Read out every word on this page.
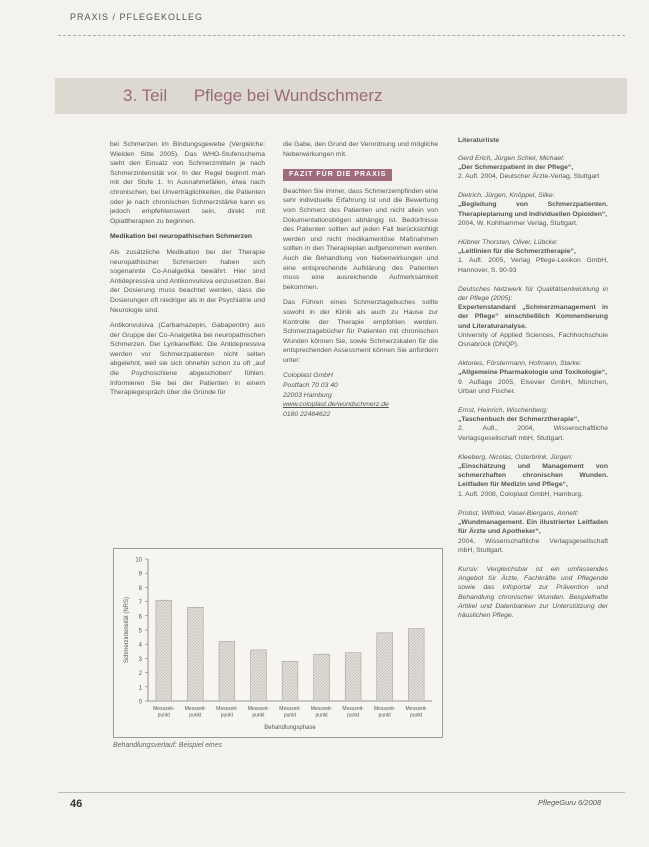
PRAXIS / PFLEGEKOLLEG
3. Teil Pflege bei Wundschmerz

bei Schmerzen im Bindungsgewebe (Vergleiche: Wielden Sitte 2005). Das WHO-Stufenschema sieht den Einsatz von Schmerzmitteln je nach Schmerzintensität vor. In der Regel beginnt man mit der Stufe 1. In Ausnahmefällen, etwa nach chronischen, bei Unverträglichkeiten, die Patienten oder je nach chronischen Schmerzstärke kann es jedoch empfehlenswert sein, direkt mit Opiattherapien zu beginnen.

Medikation bei neuropathischen Schmerzen

Als zusätzliche Medikation bei der Therapie neuropathischer Schmerzen haben sich sogenannte Co-Analgetika bewährt. Hier sind Antidepressiva und Antikonvulsiva einzusetzen. Bei der Dosierung muss beachtet werden, dass die Dosierungen oft niedriger als in der Psychiatrie und Neurologie sind.

Antikonvulsiva (Carbamazepin, Gabapentin) aus der Gruppe der Co-Analgetika bei neuropathischen Schmerzen. Der Lyrikaneffekt. Die Antidepressiva werden vor Schmerzpatienten nicht selten abgelehnt, weil sie sich ohnehin schon zu oft „auf die Psychoschiene abgeschoben“ fühlen. Informieren Sie bei der Patienten in einem Therapiegespräch über die Gründe für

die Gabe, den Grund der Verordnung und mögliche Nebenwirkungen mit.

FAZIT FÜR DIE PRAXIS

Beachten Sie immer, dass Schmerzempfinden eine sehr individuelle Erfahrung ist und die Bewertung vom Schmerz des Patienten und nicht allein von Dokumentationsbögen abhängig ist. Bedürfnisse des Patienten sollten auf jeden Fall berücksichtigt werden und nicht medikamentöse Maßnahmen sollten in den Therapieplan aufgenommen werden. Auch die Behandlung von Nebenwirkungen und eine entsprechende Aufklärung des Patienten muss eine ausreichende Aufmerksamkeit bekommen.

Das Führen eines Schmerztagebuches sollte sowohl in der Klinik als auch zu Hause zur Kontrolle der Therapie empfohlen werden. Schmerztagebücher für Patienten mit chronischen Wunden können Sie, sowie Schmerzskalen für die entsprechenden Assessment können Sie anfordern unter:

Coloplast GmbH
Postfach 70 03 40
22003 Hamburg
www.coloplast.de/wundschmerz.de
0180 22484622
Literaturliste
Gerd Erich, Jürgen Schiel, Michael:
„Der Schmerzpatient in der Pflege“,
2. Aufl. 2004, Deutscher Ärzte-Verlag, Stuttgart
Dietrich, Jürgen, Knöppel, Silke:
„Begleitung von Schmerzpatienten. Therapieplanung und Individuellen Opioiden“,
2004, W. Kohlhammer Verlag, Stuttgart.
Hübner Thorsten, Oliver, Lübcke:
„Leitlinien für die Schmerztherapie“,
1. Aufl. 2005, Verlag Pflege-Lexikon GmbH, Hannover, S. 90-93
Deutsches Netzwerk für Qualitätsentwicklung in der Pflege (2005):
Expertenstandard „Schmerzmanagement in der Pflege“ einschließlich Kommentierung und Literaturanalyse.
University of Applied Sciences, Fachhochschule Osnabrück (DNQP).
Aktories, Förstermann, Hofmann, Starke:
„Allgemeine Pharmakologie und Toxikologie“,
9. Auflage 2005, Elsevier GmbH, München, Urban und Fischer.
Ernst, Heinrich, Wischenberg:
„Taschenbuch der Schmerztherapie“,
2. Aufl., 2004, Wissenschaftliche Verlagsgesellschaft mbH, Stuttgart.
Kleeberg, Nicolas, Osterbrink, Jürgen:
„Einschätzung und Management von schmerzhaften chronischen Wunden. Leitfaden für Medizin und Pflege“,
1. Aufl. 2008, Coloplast GmbH, Hamburg.
Probst, Wilfried, Vasel-Biergans, Annett:
„Wundmanagement. Ein illustrierter Leitfaden für Ärzte und Apotheker“,
2004, Wissenschaftliche Verlagsgesellschaft mbH, Stuttgart.
Kursiv: Vergleichsbar ist ein umfassendes Angebot für Ärzte, Fachkräfte und Pflegende sowie das Infoportal zur Prävention und Behandlung chronischer Wunden. Beispielhafte Artikel und Datenbanken zur Unterstützung der häuslichen Pflege.
0
1
2
3
4
5
6
7
8
9
10
Schmerzintensität (NRS)
Messzeit-
punkt
Messzeit-
punkt
Messzeit-
punkt
Messzeit-
punkt
Messzeit-
punkt
Messzeit-
punkt
Messzeit-
punkt
Messzeit-
punkt
Messzeit-
punkt
Behandlungsphase
Behandlungsverlauf: Beispiel eines
46	PflegeGuru 6/2008
